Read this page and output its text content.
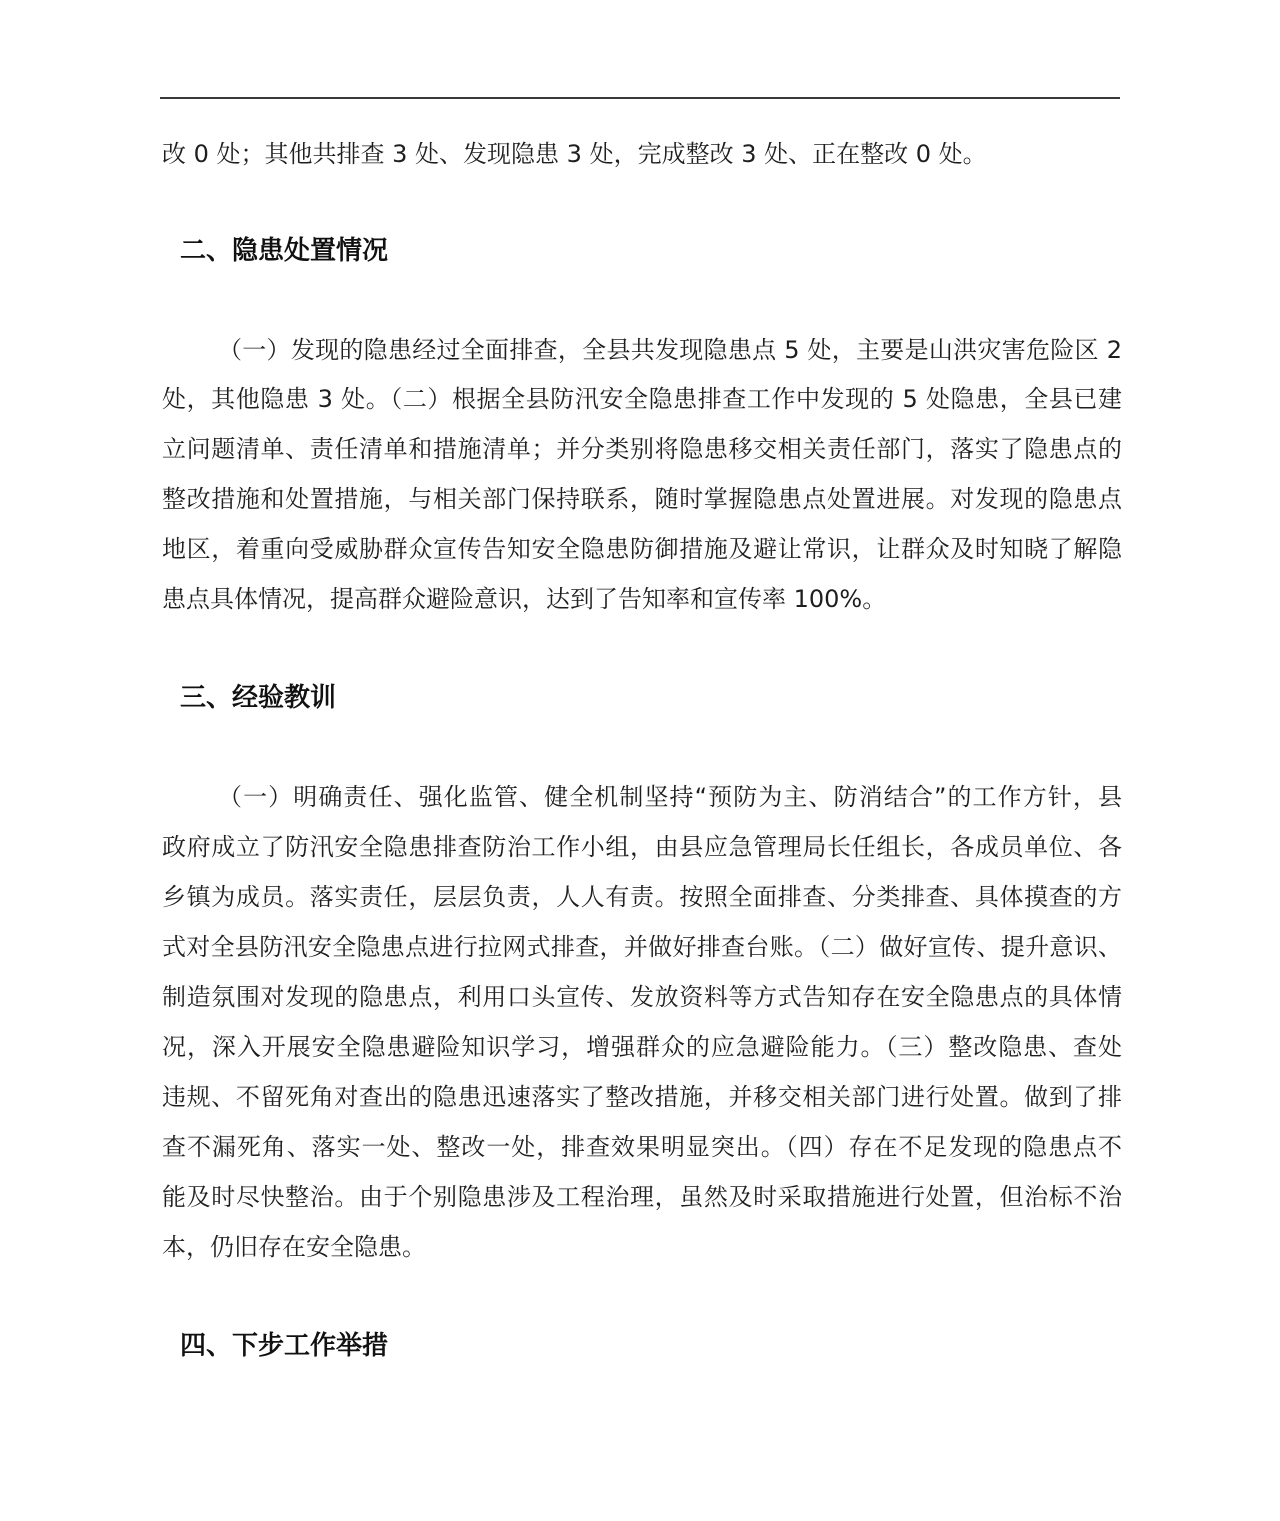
改 0 处；其他共排查 3 处、发现隐患 3 处，完成整改 3 处、正在整改 0 处。
二、隐患处置情况
（一）发现的隐患经过全面排查，全县共发现隐患点 5 处，主要是山洪灾害危险区 2
处，其他隐患 3 处。（二）根据全县防汛安全隐患排查工作中发现的 5 处隐患，全县已建
立问题清单、责任清单和措施清单；并分类别将隐患移交相关责任部门，落实了隐患点的
整改措施和处置措施，与相关部门保持联系，随时掌握隐患点处置进展。对发现的隐患点
地区，着重向受威胁群众宣传告知安全隐患防御措施及避让常识，让群众及时知晓了解隐
患点具体情况，提高群众避险意识，达到了告知率和宣传率 100%。
三、经验教训
（一）明确责任、强化监管、健全机制坚持“预防为主、防消结合”的工作方针，县
政府成立了防汛安全隐患排查防治工作小组，由县应急管理局长任组长，各成员单位、各
乡镇为成员。落实责任，层层负责，人人有责。按照全面排查、分类排查、具体摸查的方
式对全县防汛安全隐患点进行拉网式排查，并做好排查台账。（二）做好宣传、提升意识、
制造氛围对发现的隐患点，利用口头宣传、发放资料等方式告知存在安全隐患点的具体情
况，深入开展安全隐患避险知识学习，增强群众的应急避险能力。（三）整改隐患、查处
违规、不留死角对查出的隐患迅速落实了整改措施，并移交相关部门进行处置。做到了排
查不漏死角、落实一处、整改一处，排查效果明显突出。（四）存在不足发现的隐患点不
能及时尽快整治。由于个别隐患涉及工程治理，虽然及时采取措施进行处置，但治标不治
本，仍旧存在安全隐患。
四、下步工作举措
